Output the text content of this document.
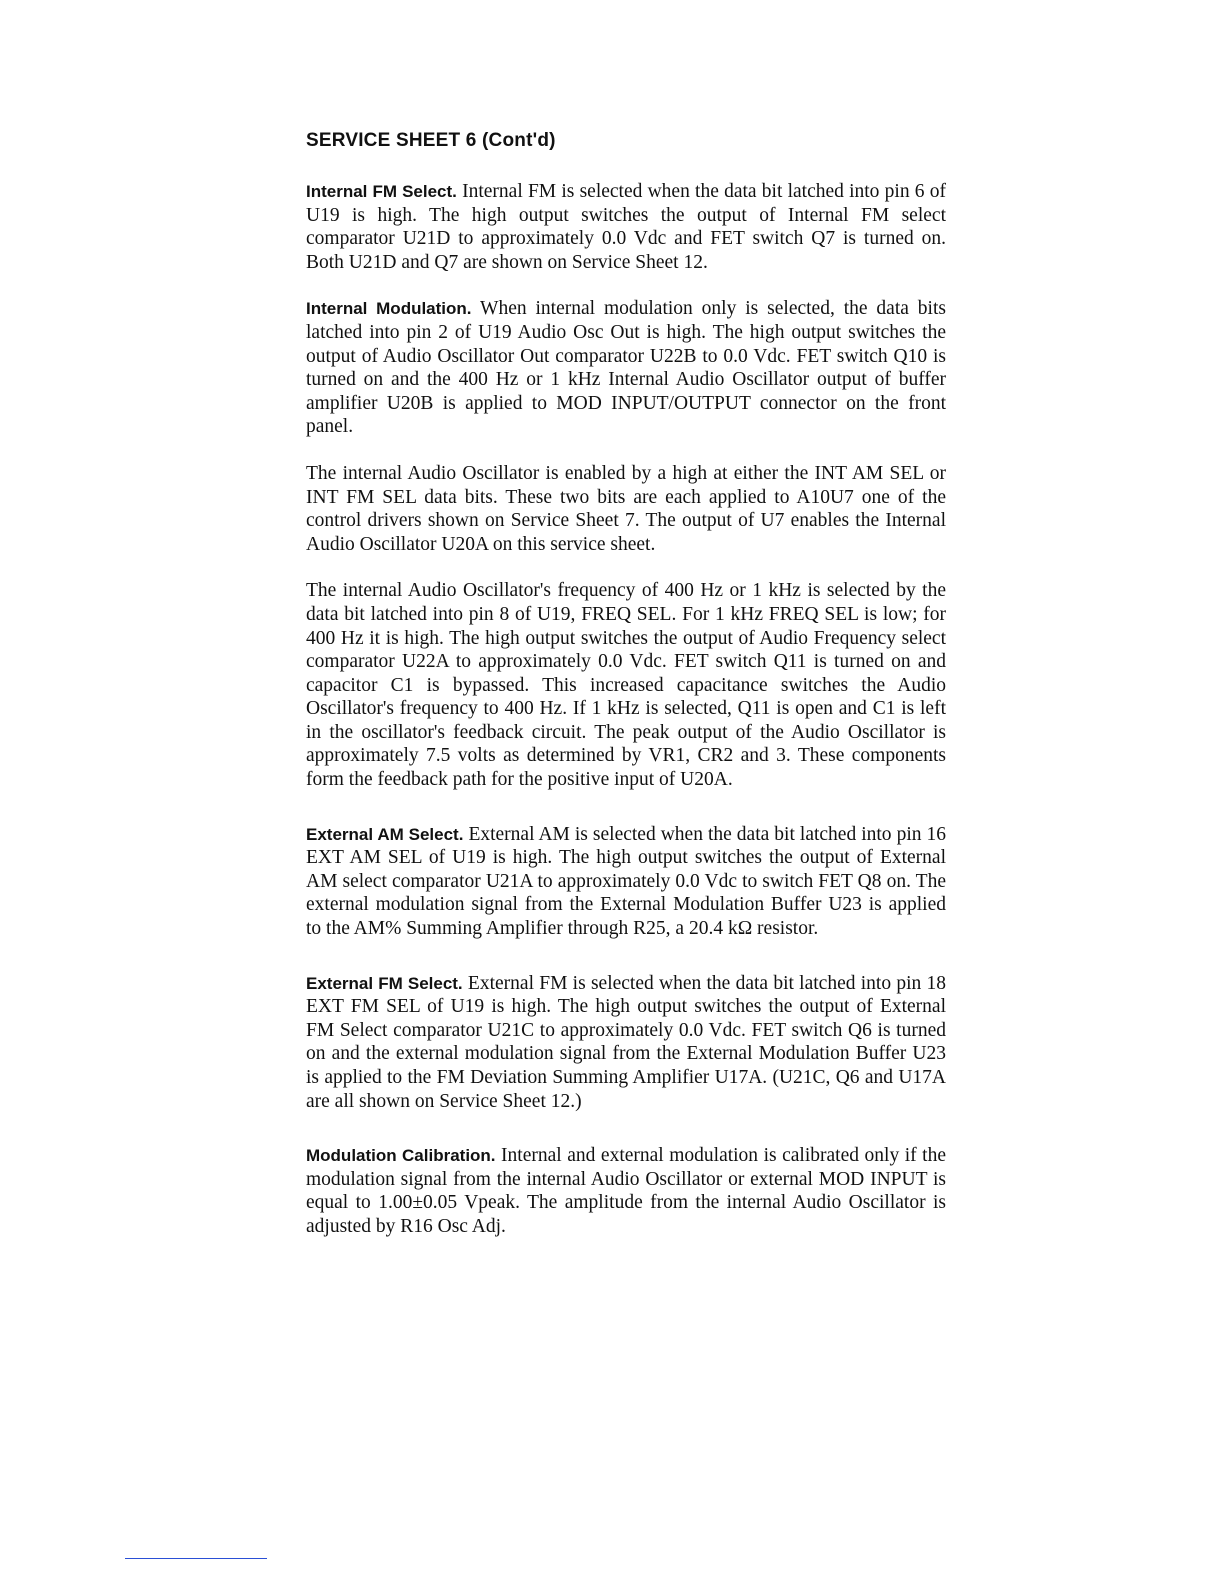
SERVICE SHEET 6 (Cont'd)

Internal FM Select. Internal FM is selected when the data bit latched into pin 6 of U19 is high. The high output switches the output of Internal FM select comparator U21D to approximately 0.0 Vdc and FET switch Q7 is turned on. Both U21D and Q7 are shown on Service Sheet 12.

Internal Modulation. When internal modulation only is selected, the data bits latched into pin 2 of U19 Audio Osc Out is high. The high output switches the output of Audio Oscillator Out comparator U22B to 0.0 Vdc. FET switch Q10 is turned on and the 400 Hz or 1 kHz Internal Audio Oscillator output of buffer amplifier U20B is applied to MOD INPUT/OUTPUT connector on the front panel.

The internal Audio Oscillator is enabled by a high at either the INT AM SEL or INT FM SEL data bits. These two bits are each applied to A10U7 one of the control drivers shown on Service Sheet 7. The output of U7 enables the Internal Audio Oscillator U20A on this service sheet.

The internal Audio Oscillator's frequency of 400 Hz or 1 kHz is selected by the data bit latched into pin 8 of U19, FREQ SEL. For 1 kHz FREQ SEL is low; for 400 Hz it is high. The high output switches the output of Audio Frequency select comparator U22A to approximately 0.0 Vdc. FET switch Q11 is turned on and capacitor C1 is bypassed. This increased capacitance switches the Audio Oscillator's frequency to 400 Hz. If 1 kHz is selected, Q11 is open and C1 is left in the oscillator's feedback circuit. The peak output of the Audio Oscillator is approximately 7.5 volts as determined by VR1, CR2 and 3. These components form the feedback path for the positive input of U20A.

External AM Select. External AM is selected when the data bit latched into pin 16 EXT AM SEL of U19 is high. The high output switches the output of External AM select comparator U21A to approximately 0.0 Vdc to switch FET Q8 on. The external modulation signal from the External Modulation Buffer U23 is applied to the AM% Summing Amplifier through R25, a 20.4 kΩ resistor.

External FM Select. External FM is selected when the data bit latched into pin 18 EXT FM SEL of U19 is high. The high output switches the output of External FM Select comparator U21C to approximately 0.0 Vdc. FET switch Q6 is turned on and the external modulation signal from the External Modulation Buffer U23 is applied to the FM Deviation Summing Amplifier U17A. (U21C, Q6 and U17A are all shown on Service Sheet 12.)

Modulation Calibration. Internal and external modulation is calibrated only if the modulation signal from the internal Audio Oscillator or external MOD INPUT is equal to 1.00±0.05 Vpeak. The amplitude from the internal Audio Oscillator is adjusted by R16 Osc Adj.
